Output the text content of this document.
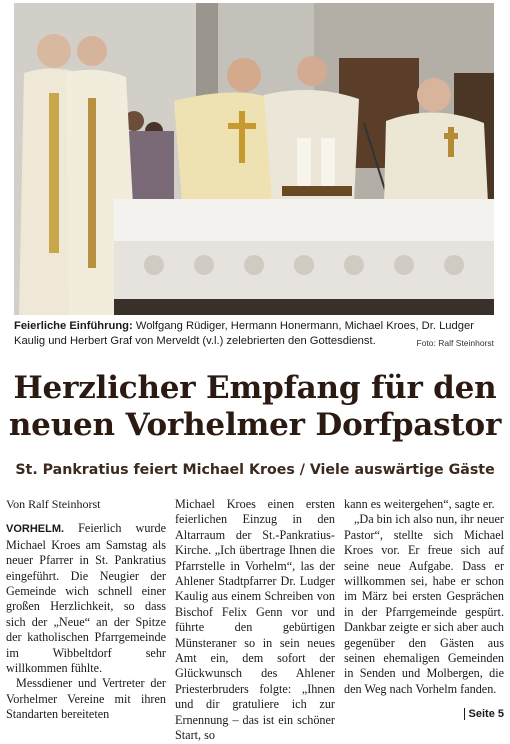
Feierliche Einführung: Wolfgang Rüdiger, Hermann Honermann, Michael Kroes, Dr. Ludger Kaulig und Herbert Graf von Merveldt (v.l.) zelebrierten den Gottesdienst.	Foto: Ralf Steinhorst
Herzlicher Empfang für den
neuen Vorhelmer Dorfpastor
St. Pankratius feiert Michael Kroes / Viele auswärtige Gäste
Von Ralf Steinhorst

VORHELM. Feierlich wurde Michael Kroes am Samstag als neuer Pfarrer in St. Pankratius eingeführt. Die Neugier der Gemeinde wich schnell einer großen Herzlichkeit, so dass sich der „Neue“ an der Spitze der katholischen Pfarrgemeinde im Wibbeltdorf sehr willkommen fühlte.

Messdiener und Vertreter der Vorhelmer Vereine mit ihren Standarten bereiteten

Michael Kroes einen ersten feierlichen Einzug in den Altarraum der St.-Pankratius-Kirche. „Ich übertrage Ihnen die Pfarrstelle in Vorhelm“, las der Ahlener Stadtpfarrer Dr. Ludger Kaulig aus einem Schreiben von Bischof Felix Genn vor und führte den gebürtigen Münsteraner so in sein neues Amt ein, dem sofort der Glückwunsch des Ahlener Priesterbruders folgte: „Ihnen und dir gratuliere ich zur Ernennung – das ist ein schöner Start, so

kann es weitergehen“, sagte er.

„Da bin ich also nun, ihr neuer Pastor“, stellte sich Michael Kroes vor. Er freue sich auf seine neue Aufgabe. Dass er willkommen sei, habe er schon im März bei ersten Gesprächen in der Pfarrgemeinde gespürt. Dankbar zeigte er sich aber auch gegenüber den Gästen aus seinen ehemaligen Gemeinden in Senden und Molbergen, die den Weg nach Vorhelm fanden.

Seite 5
